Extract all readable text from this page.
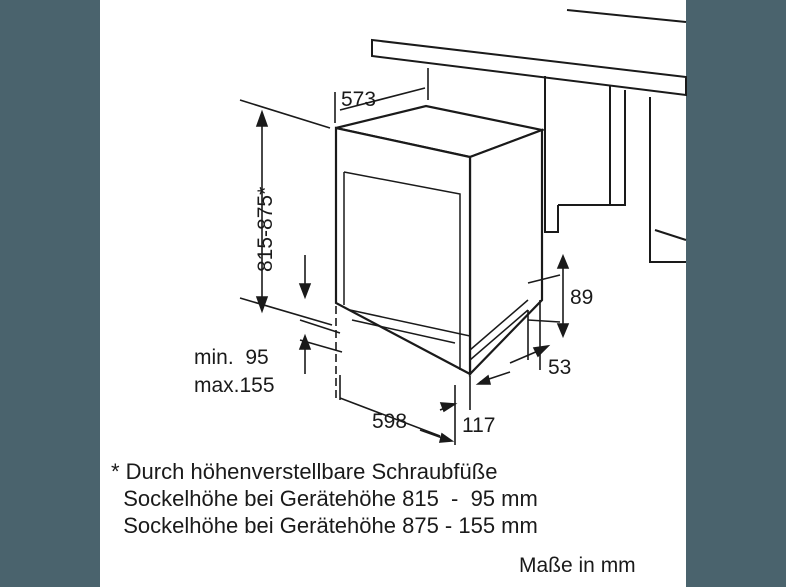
573
815-875*
89
53
min.  95
max.155
598	117
* Durch höhenverstellbare Schraubfüße
Sockelhöhe bei Gerätehöhe 815  -  95 mm
Sockelhöhe bei Gerätehöhe 875 - 155 mm
Maße in mm
